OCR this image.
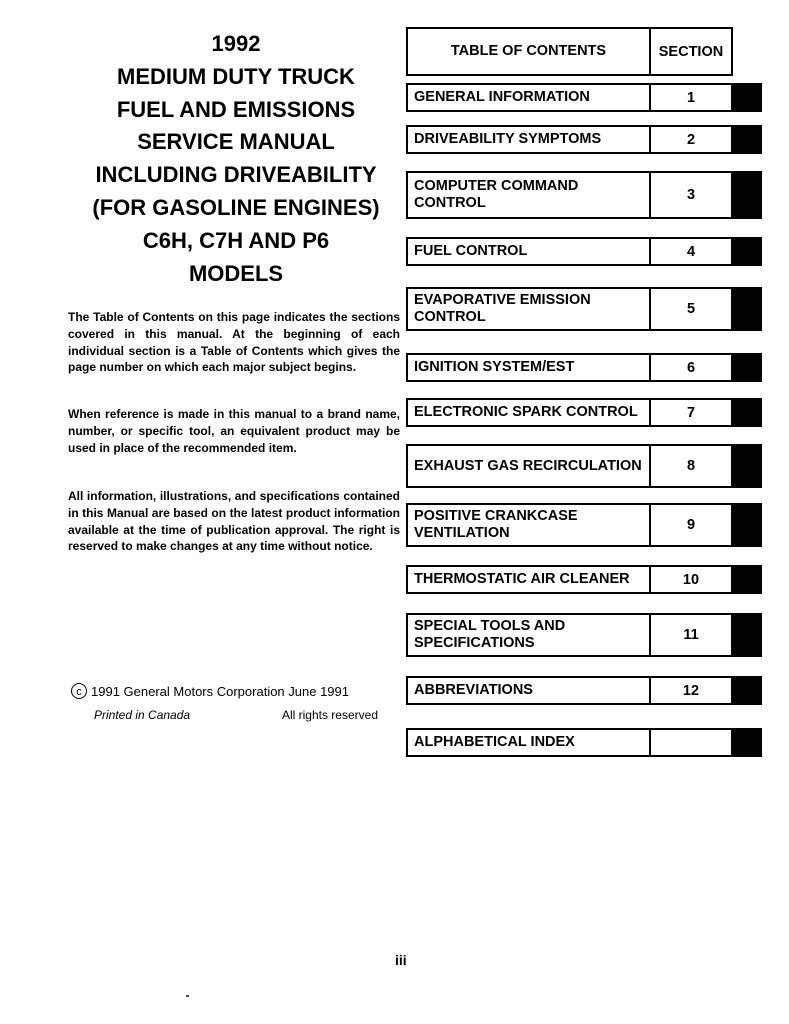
1992
MEDIUM DUTY TRUCK
FUEL AND EMISSIONS
SERVICE MANUAL
INCLUDING DRIVEABILITY
(FOR GASOLINE ENGINES)
C6H, C7H AND P6
MODELS
The Table of Contents on this page indicates the sections covered in this manual. At the beginning of each individual section is a Table of Contents which gives the page number on which each major subject begins.
When reference is made in this manual to a brand name, number, or specific tool, an equivalent product may be used in place of the recommended item.
All information, illustrations, and specifications contained in this Manual are based on the latest product information available at the time of publication approval. The right is reserved to make changes at any time without notice.
c 1991 General Motors Corporation June 1991
Printed in Canada	All rights reserved
TABLE OF CONTENTS	SECTION
GENERAL INFORMATION	1
DRIVEABILITY SYMPTOMS	2
COMPUTER COMMAND CONTROL	3
FUEL CONTROL	4
EVAPORATIVE EMISSION CONTROL	5
IGNITION SYSTEM/EST	6
ELECTRONIC SPARK CONTROL	7
EXHAUST GAS RECIRCULATION	8
POSITIVE CRANKCASE VENTILATION	9
THERMOSTATIC AIR CLEANER	10
SPECIAL TOOLS AND SPECIFICATIONS	11
ABBREVIATIONS	12
ALPHABETICAL INDEX
iii
